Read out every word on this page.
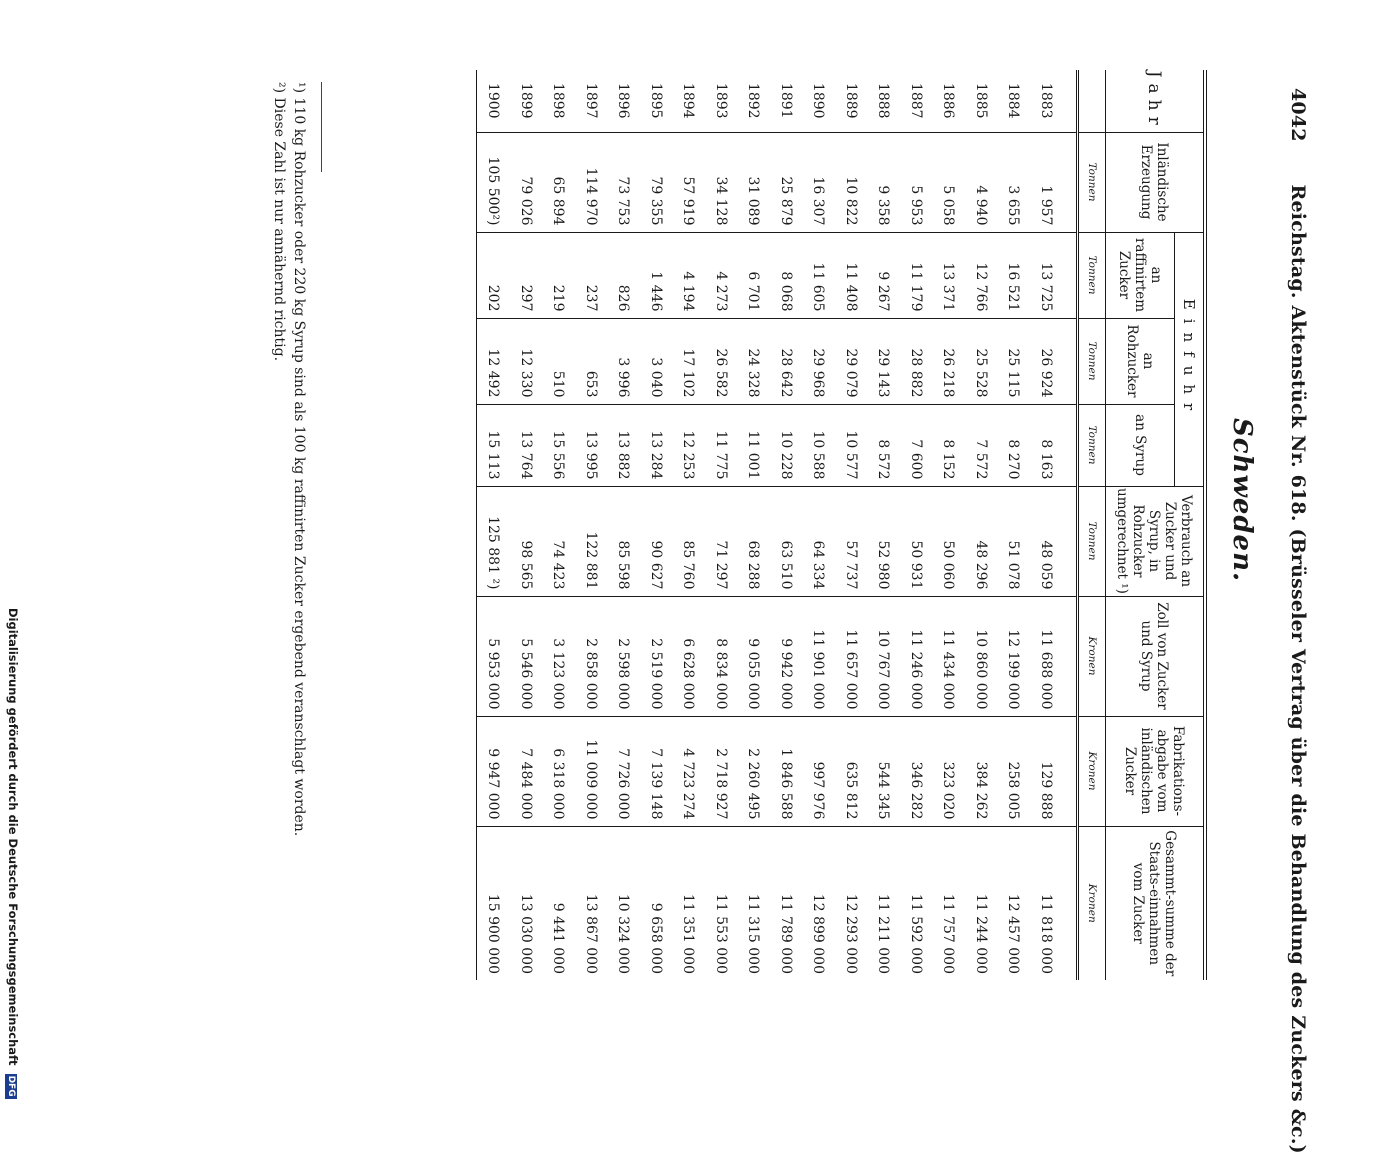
Digitalisierung gefördert durch die Deutsche Forschungsgemeinschaft DFG
4042 Reichstag. Aktenstück Nr. 618. (Brüsseler Vertrag über die Behandlung des Zuckers &c.)
Schweden.
Jahr	Inländische Erzeugung	Einfuhr			Verbrauch an Zucker und Syrup, in Rohzucker umgerechnet ¹)	Zoll von Zucker und Syrup	Fabrikations-abgabe vom inländischen Zucker	Gesammt-summe der Staats-einnahmen vom Zucker
		an raffinirtem Zucker	an Rohzucker	an Syrup				
	Tonnen	Tonnen	Tonnen	Tonnen	Tonnen	Kronen	Kronen	Kronen
1883	1 957	13 725	26 924	8 163	48 059	11 688 000	129 888	11 818 000
1884	3 655	16 521	25 115	8 270	51 078	12 199 000	258 005	12 457 000
1885	4 940	12 766	25 528	7 572	48 296	10 860 000	384 262	11 244 000
1886	5 058	13 371	26 218	8 152	50 060	11 434 000	323 020	11 757 000
1887	5 953	11 179	28 882	7 600	50 931	11 246 000	346 282	11 592 000
1888	9 358	9 267	29 143	8 572	52 980	10 767 000	544 345	11 211 000
1889	10 822	11 408	29 079	10 577	57 737	11 657 000	635 812	12 293 000
1890	16 307	11 605	29 968	10 588	64 334	11 901 000	997 976	12 899 000
1891	25 879	8 068	28 642	10 228	63 510	9 942 000	1 846 588	11 789 000
1892	31 089	6 701	24 328	11 001	68 288	9 055 000	2 260 495	11 315 000
1893	34 128	4 273	26 582	11 775	71 297	8 834 000	2 718 927	11 553 000
1894	57 919	4 194	17 102	12 253	85 760	6 628 000	4 723 274	11 351 000
1895	79 355	1 446	3 040	13 284	90 627	2 519 000	7 139 148	9 658 000
1896	73 753	826	3 996	13 882	85 598	2 598 000	7 726 000	10 324 000
1897	114 970	237	653	13 995	122 881	2 858 000	11 009 000	13 867 000
1898	65 894	219	510	15 556	74 423	3 123 000	6 318 000	9 441 000
1899	79 026	297	12 330	13 764	98 565	5 546 000	7 484 000	13 030 000
1900	105 500²)	202	12 492	15 113	125 881 ²)	5 953 000	9 947 000	15 900 000
¹) 110 kg Rohzucker oder 220 kg Syrup sind als 100 kg raffinirten Zucker ergebend veranschlagt worden.
²) Diese Zahl ist nur annähernd richtig.
